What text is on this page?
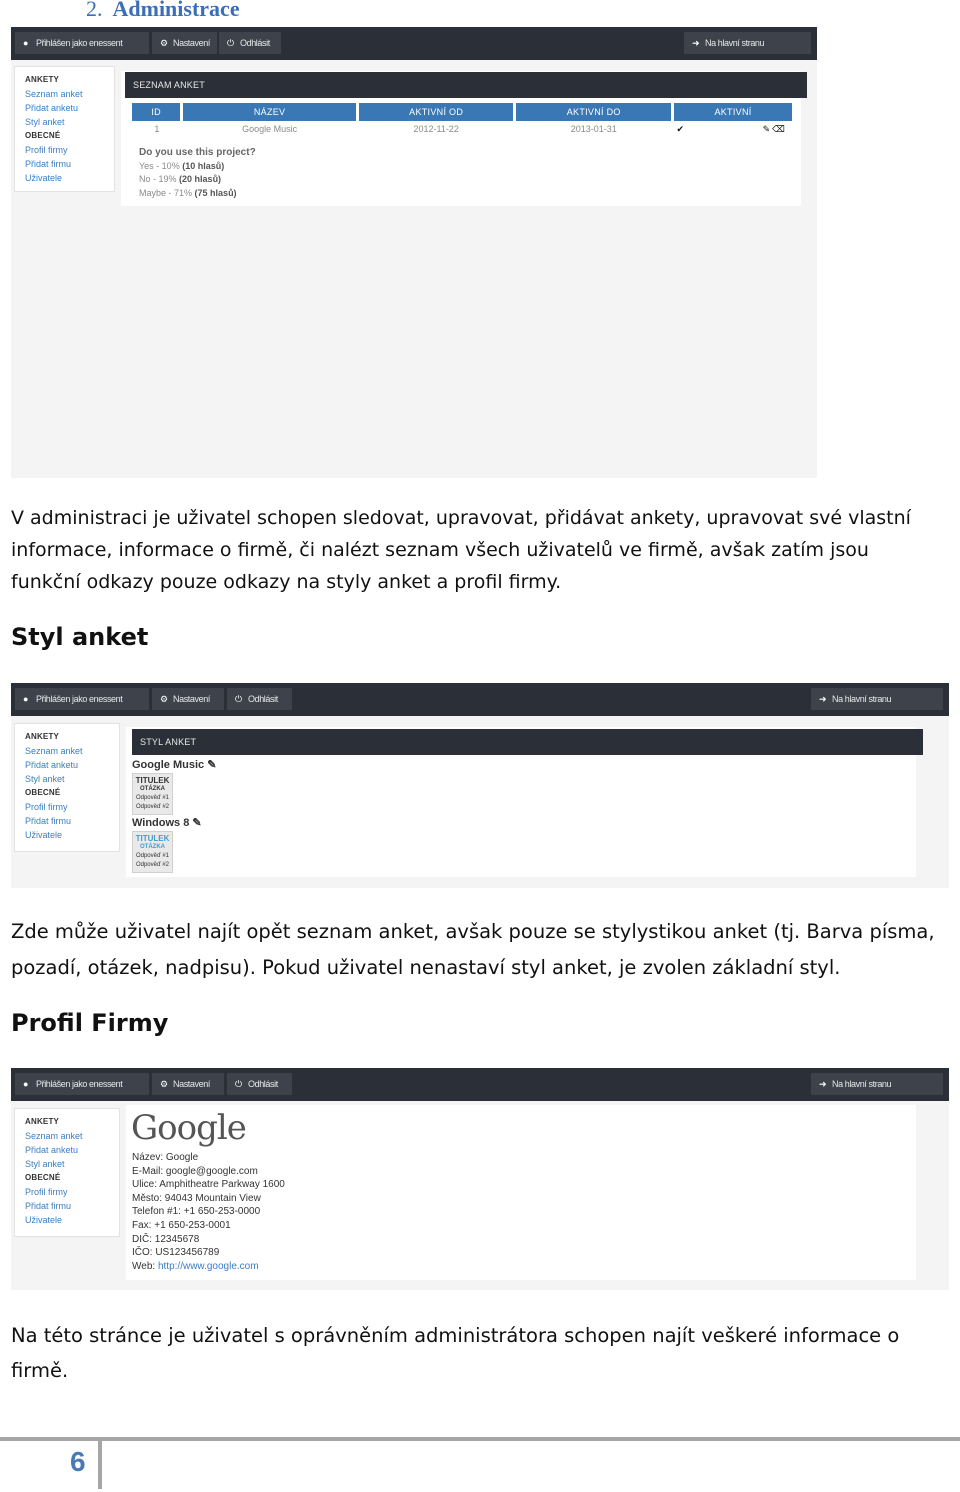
2. Administrace
● Přihlášen jako enessent	⚙ Nastavení	⏻ Odhlásit	➜ Na hlavní stranu
ANKETY
Seznam anket
Přidat anketu
Styl anket
OBECNÉ
Profil firmy
Přidat firmu
Uživatele
SEZNAM ANKET
ID	NÁZEV	AKTIVNÍ OD	AKTIVNÍ DO	AKTIVNÍ
1	Google Music	2012-11-22	2013-01-31	✔ ✎ ⌫
Do you use this project?
Yes - 10% (10 hlasů)
No - 19% (20 hlasů)
Maybe - 71% (75 hlasů)
V administraci je uživatel schopen sledovat, upravovat, přidávat ankety, upravovat své vlastní informace, informace o firmě, či nalézt seznam všech uživatelů ve firmě, avšak zatím jsou funkční odkazy pouze odkazy na styly anket a profil firmy.
Styl anket
● Přihlášen jako enessent	⚙ Nastavení	⏻ Odhlásit	➜ Na hlavní stranu
ANKETY
Seznam anket
Přidat anketu
Styl anket
OBECNÉ
Profil firmy
Přidat firmu
Uživatele
STYL ANKET
Google Music ✎
TITULEK
OTÁZKA
Odpověď #1
Odpověď #2
Windows 8 ✎
TITULEK
OTÁZKA
Odpověď #1
Odpověď #2
Zde může uživatel najít opět seznam anket, avšak pouze se stylystikou anket (tj. Barva písma, pozadí, otázek, nadpisu). Pokud uživatel nenastaví styl anket, je zvolen základní styl.
Profil Firmy
● Přihlášen jako enessent	⚙ Nastavení	⏻ Odhlásit	➜ Na hlavní stranu
ANKETY
Seznam anket
Přidat anketu
Styl anket
OBECNÉ
Profil firmy
Přidat firmu
Uživatele
Google
Název: Google
E-Mail: google@google.com
Ulice: Amphitheatre Parkway 1600
Město: 94043 Mountain View
Telefon #1: +1 650-253-0000
Fax: +1 650-253-0001
DIČ: 12345678
IČO: US123456789
Web: http://www.google.com
Na této stránce je uživatel s oprávněním administrátora schopen najít veškeré informace o firmě.
6
